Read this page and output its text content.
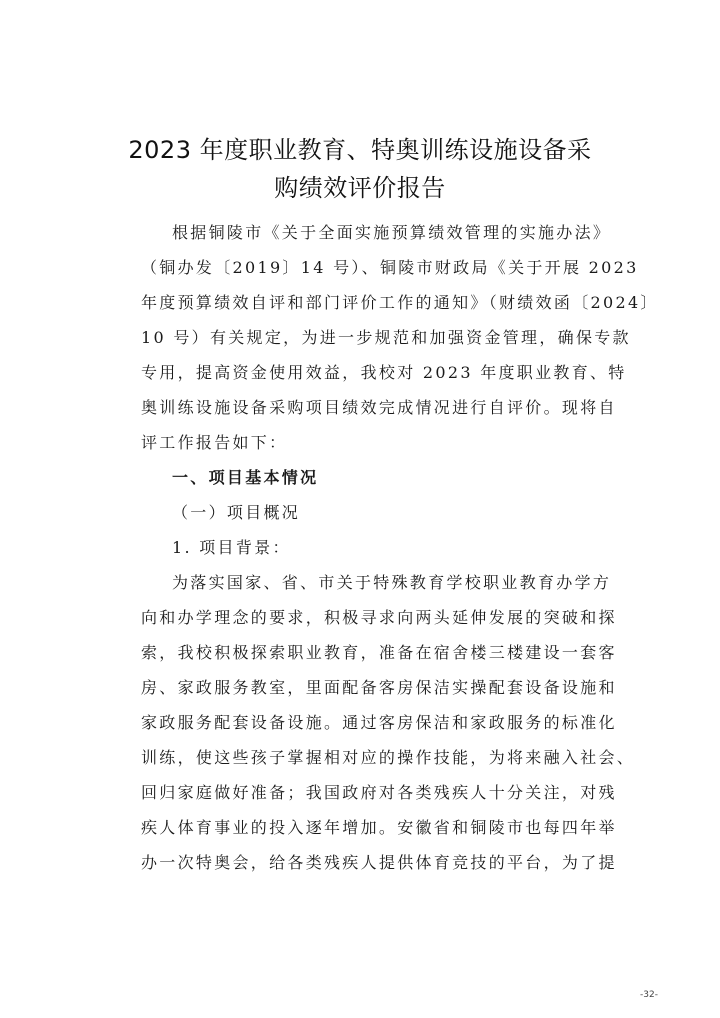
2023 年度职业教育、特奥训练设施设备采
购绩效评价报告
根据铜陵市《关于全面实施预算绩效管理的实施办法》
（铜办发〔2019〕14 号）、铜陵市财政局《关于开展 2023
年度预算绩效自评和部门评价工作的通知》（财绩效函〔2024〕
10 号）有关规定，为进一步规范和加强资金管理，确保专款
专用，提高资金使用效益，我校对 2023 年度职业教育、特
奥训练设施设备采购项目绩效完成情况进行自评价。现将自
评工作报告如下：
一、项目基本情况
（一）项目概况
1. 项目背景：
为落实国家、省、市关于特殊教育学校职业教育办学方
向和办学理念的要求，积极寻求向两头延伸发展的突破和探
索，我校积极探索职业教育，准备在宿舍楼三楼建设一套客
房、家政服务教室，里面配备客房保洁实操配套设备设施和
家政服务配套设备设施。通过客房保洁和家政服务的标准化
训练，使这些孩子掌握相对应的操作技能，为将来融入社会、
回归家庭做好准备；我国政府对各类残疾人十分关注，对残
疾人体育事业的投入逐年增加。安徽省和铜陵市也每四年举
办一次特奥会，给各类残疾人提供体育竞技的平台，为了提
-32-
